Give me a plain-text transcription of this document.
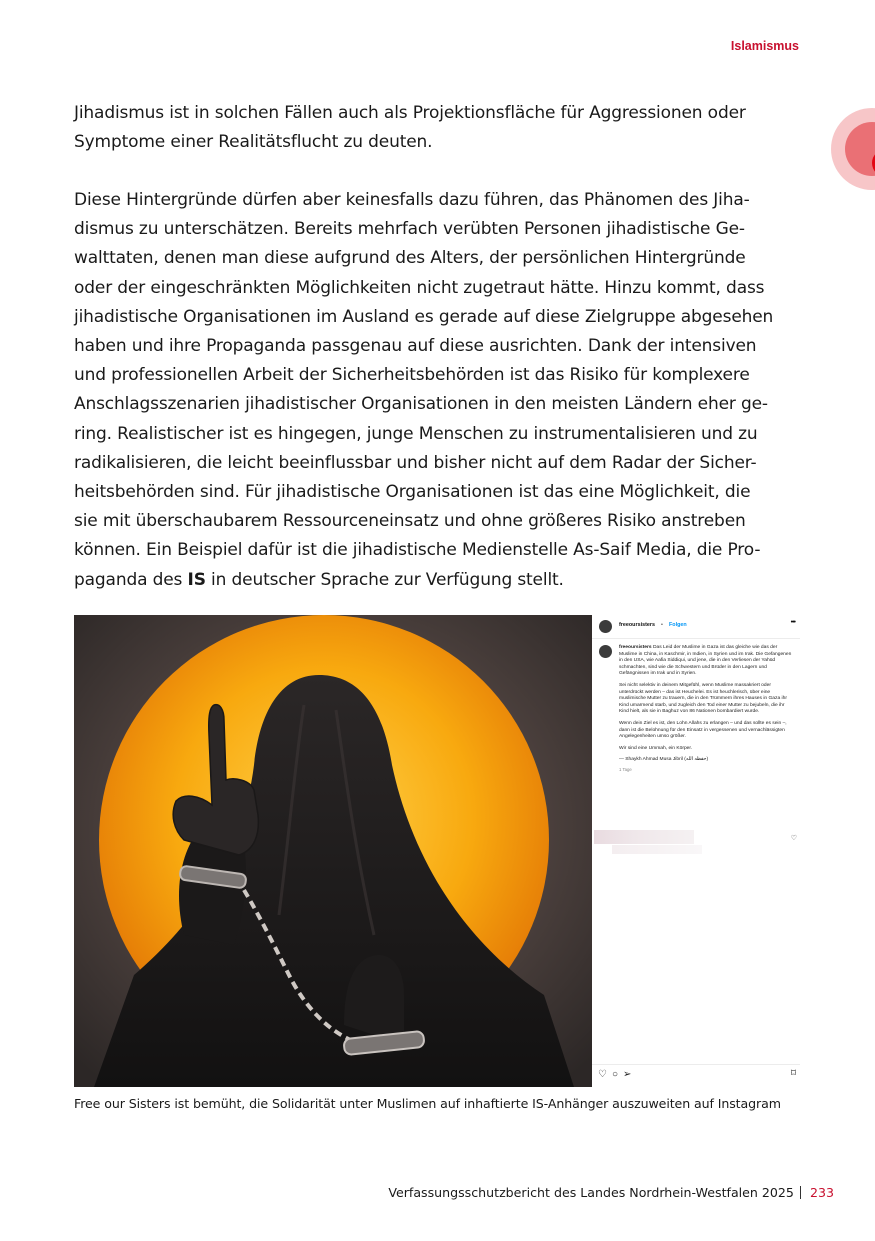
Islamismus

Jihadismus ist in solchen Fällen auch als Projektionsfläche für Aggressionen oder
Symptome einer Realitätsflucht zu deuten.

Diese Hintergründe dürfen aber keinesfalls dazu führen, das Phänomen des Jiha-
dismus zu unterschätzen. Bereits mehrfach verübten Personen jihadistische Ge-
walttaten, denen man diese aufgrund des Alters, der persönlichen Hintergründe
oder der eingeschränkten Möglichkeiten nicht zugetraut hätte. Hinzu kommt, dass
jihadistische Organisationen im Ausland es gerade auf diese Zielgruppe abgesehen
haben und ihre Propaganda passgenau auf diese ausrichten. Dank der intensiven
und professionellen Arbeit der Sicherheitsbehörden ist das Risiko für komplexere
Anschlagsszenarien jihadistischer Organisationen in den meisten Ländern eher ge-
ring. Realistischer ist es hingegen, junge Menschen zu instrumentalisieren und zu
radikalisieren, die leicht beeinflussbar und bisher nicht auf dem Radar der Sicher-
heitsbehörden sind. Für jihadistische Organisationen ist das eine Möglichkeit, die
sie mit überschaubarem Ressourceneinsatz und ohne größeres Risiko anstreben
können. Ein Beispiel dafür ist die jihadistische Medienstelle As-Saif Media, die Pro-
paganda des IS in deutscher Sprache zur Verfügung stellt.

freeoursisters • Folgen	•••

freeoursisters Das Leid der Muslime in Gaza ist das gleiche wie das der Muslime in China, in Kaschmir, in Indien, in Syrien und im Irak. Die Gefangenen in den USA, wie Aafia Siddiqui, und jene, die in den Verliesen der Yahūd schmachten, sind wie die Schwestern und Brüder in den Lagern und Gefängnissen im Irak und in Syrien.

Sei nicht selektiv in deinem Mitgefühl, wenn Muslime massakriert oder unterdrückt werden – das ist Heuchelei. Es ist heuchlerisch, über eine muslimische Mutter zu trauern, die in den Trümmern ihres Hauses in Gaza ihr Kind umarmend starb, und zugleich den Tod einer Mutter zu bejubeln, die ihr Kind hielt, als sie in Baghuz von 86 Nationen bombardiert wurde.

Wenn dein Ziel es ist, den Lohn Allahs zu erlangen – und das sollte es sein –, dann ist die Belohnung für den Einsatz in vergessenen und vernachlässigten Angelegenheiten umso größer.

Wir sind eine Ummah, ein Körper.

— Shaykh Ahmad Musa Jibril (حفظه الله)

1 Tage
♡
♡ ○ ➢	⌑
Free our Sisters ist bemüht, die Solidarität unter Muslimen auf inhaftierte IS-Anhänger auszuweiten auf Instagram
Verfassungsschutzbericht des Landes Nordrhein-Westfalen 2025 233
